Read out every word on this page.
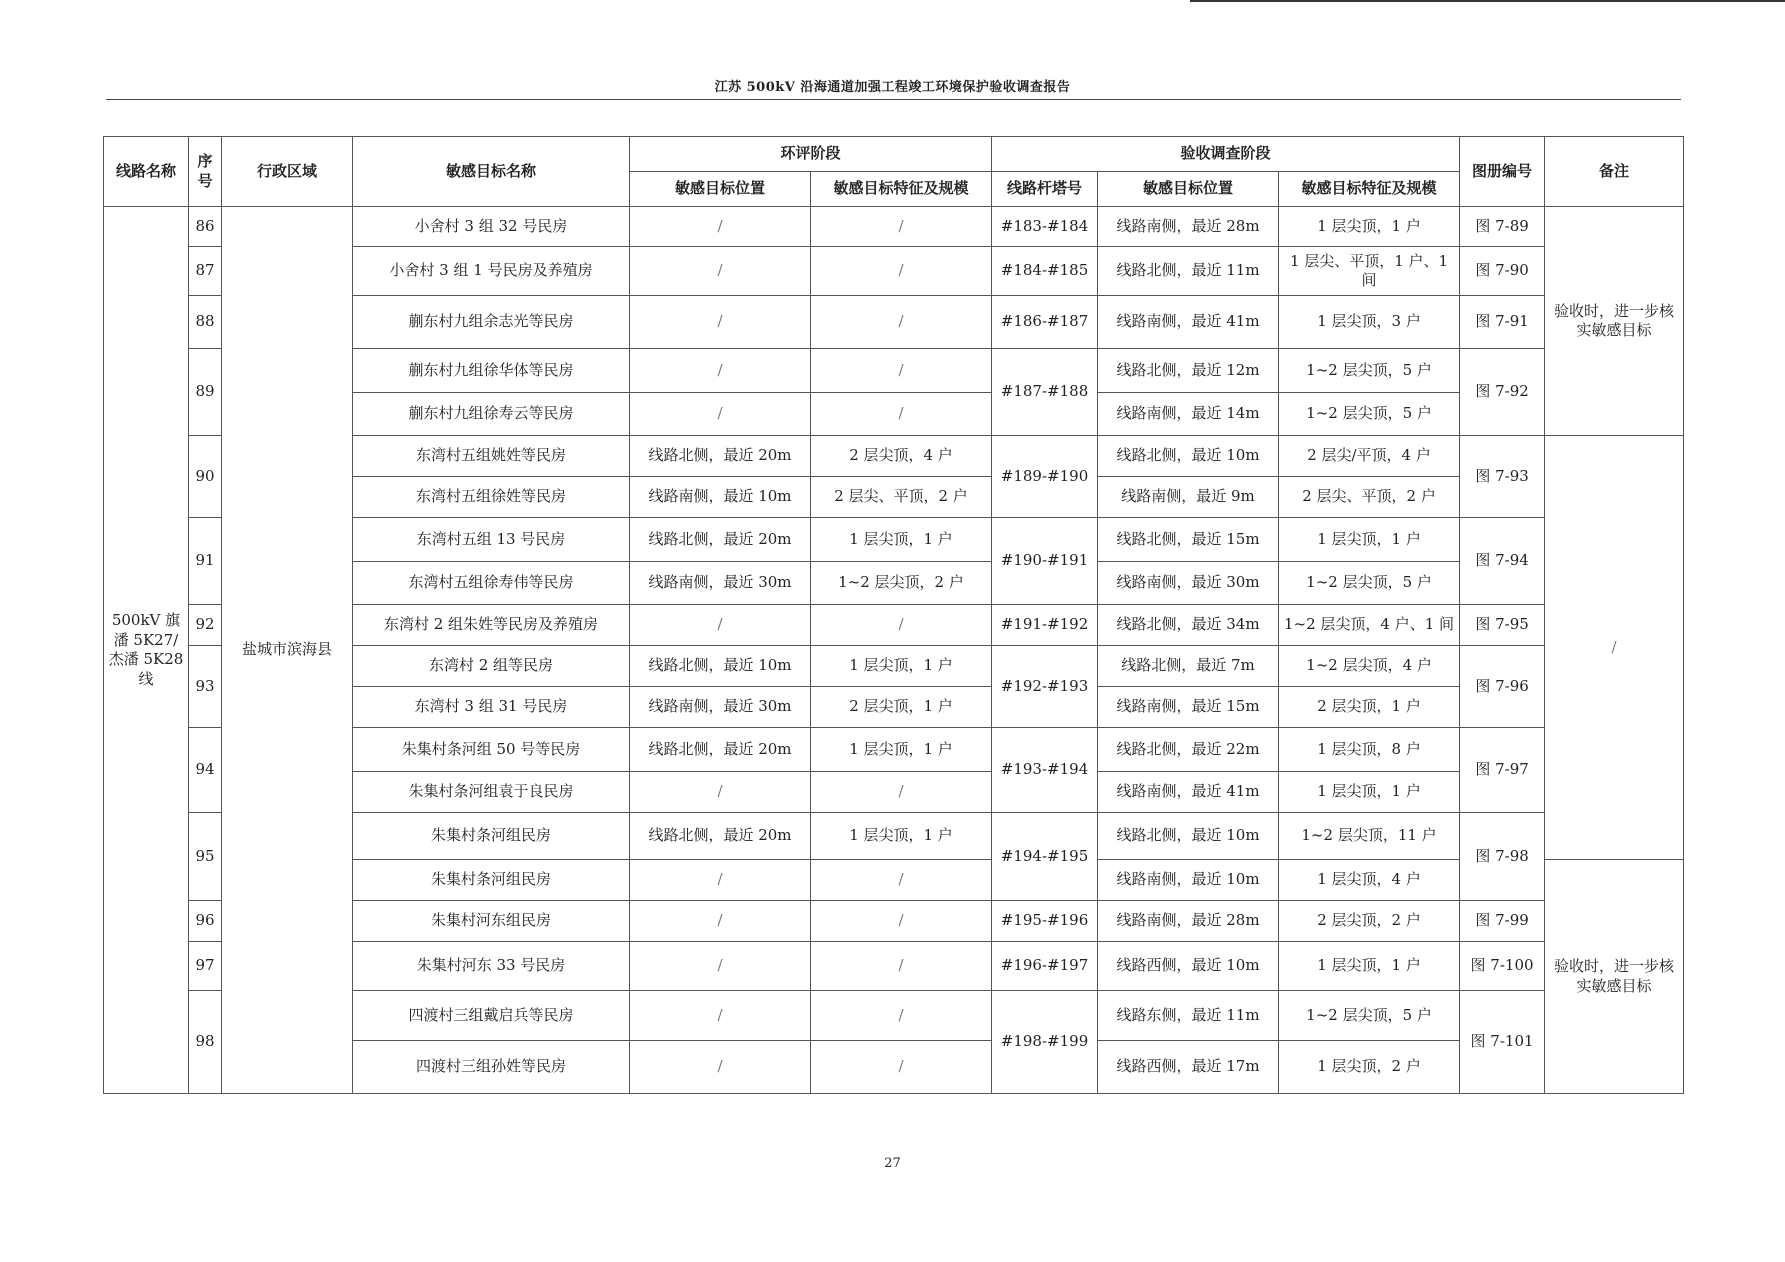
江苏 500kV 沿海通道加强工程竣工环境保护验收调查报告
线路名称	序号	行政区域	敏感目标名称	环评阶段		验收调查阶段			图册编号	备注
				敏感目标位置	敏感目标特征及规模	线路杆塔号	敏感目标位置	敏感目标特征及规模		
500kV 旗潘 5K27/杰潘 5K28 线	86	盐城市滨海县	小舍村 3 组 32 号民房	/	/	#183-#184	线路南侧，最近 28m	1 层尖顶，1 户	图 7-89	验收时，进一步核实敏感目标
	87		小舍村 3 组 1 号民房及养殖房	/	/	#184-#185	线路北侧，最近 11m	1 层尖、平顶，1 户、1 间	图 7-90	
	88		蒯东村九组余志光等民房	/	/	#186-#187	线路南侧，最近 41m	1 层尖顶，3 户	图 7-91	
	89		蒯东村九组徐华体等民房	/	/	#187-#188	线路北侧，最近 12m	1~2 层尖顶，5 户	图 7-92	
			蒯东村九组徐寿云等民房	/	/		线路南侧，最近 14m	1~2 层尖顶，5 户		
	90		东湾村五组姚姓等民房	线路北侧，最近 20m	2 层尖顶，4 户	#189-#190	线路北侧，最近 10m	2 层尖/平顶，4 户	图 7-93	/
			东湾村五组徐姓等民房	线路南侧，最近 10m	2 层尖、平顶，2 户		线路南侧，最近 9m	2 层尖、平顶，2 户		
	91		东湾村五组 13 号民房	线路北侧，最近 20m	1 层尖顶，1 户	#190-#191	线路北侧，最近 15m	1 层尖顶，1 户	图 7-94	
			东湾村五组徐寿伟等民房	线路南侧，最近 30m	1~2 层尖顶，2 户		线路南侧，最近 30m	1~2 层尖顶，5 户		
	92		东湾村 2 组朱姓等民房及养殖房	/	/	#191-#192	线路北侧，最近 34m	1~2 层尖顶，4 户、1 间	图 7-95	
	93		东湾村 2 组等民房	线路北侧，最近 10m	1 层尖顶，1 户	#192-#193	线路北侧，最近 7m	1~2 层尖顶，4 户	图 7-96	
			东湾村 3 组 31 号民房	线路南侧，最近 30m	2 层尖顶，1 户		线路南侧，最近 15m	2 层尖顶，1 户		
	94		朱集村条河组 50 号等民房	线路北侧，最近 20m	1 层尖顶，1 户	#193-#194	线路北侧，最近 22m	1 层尖顶，8 户	图 7-97	
			朱集村条河组袁于良民房	/	/		线路南侧，最近 41m	1 层尖顶，1 户		
	95		朱集村条河组民房	线路北侧，最近 20m	1 层尖顶，1 户	#194-#195	线路北侧，最近 10m	1~2 层尖顶，11 户	图 7-98	
			朱集村条河组民房	/	/		线路南侧，最近 10m	1 层尖顶，4 户		验收时，进一步核实敏感目标
	96		朱集村河东组民房	/	/	#195-#196	线路南侧，最近 28m	2 层尖顶，2 户	图 7-99	
	97		朱集村河东 33 号民房	/	/	#196-#197	线路西侧，最近 10m	1 层尖顶，1 户	图 7-100	
	98		四渡村三组戴启兵等民房	/	/	#198-#199	线路东侧，最近 11m	1~2 层尖顶，5 户	图 7-101	
			四渡村三组孙姓等民房	/	/		线路西侧，最近 17m	1 层尖顶，2 户		
27
